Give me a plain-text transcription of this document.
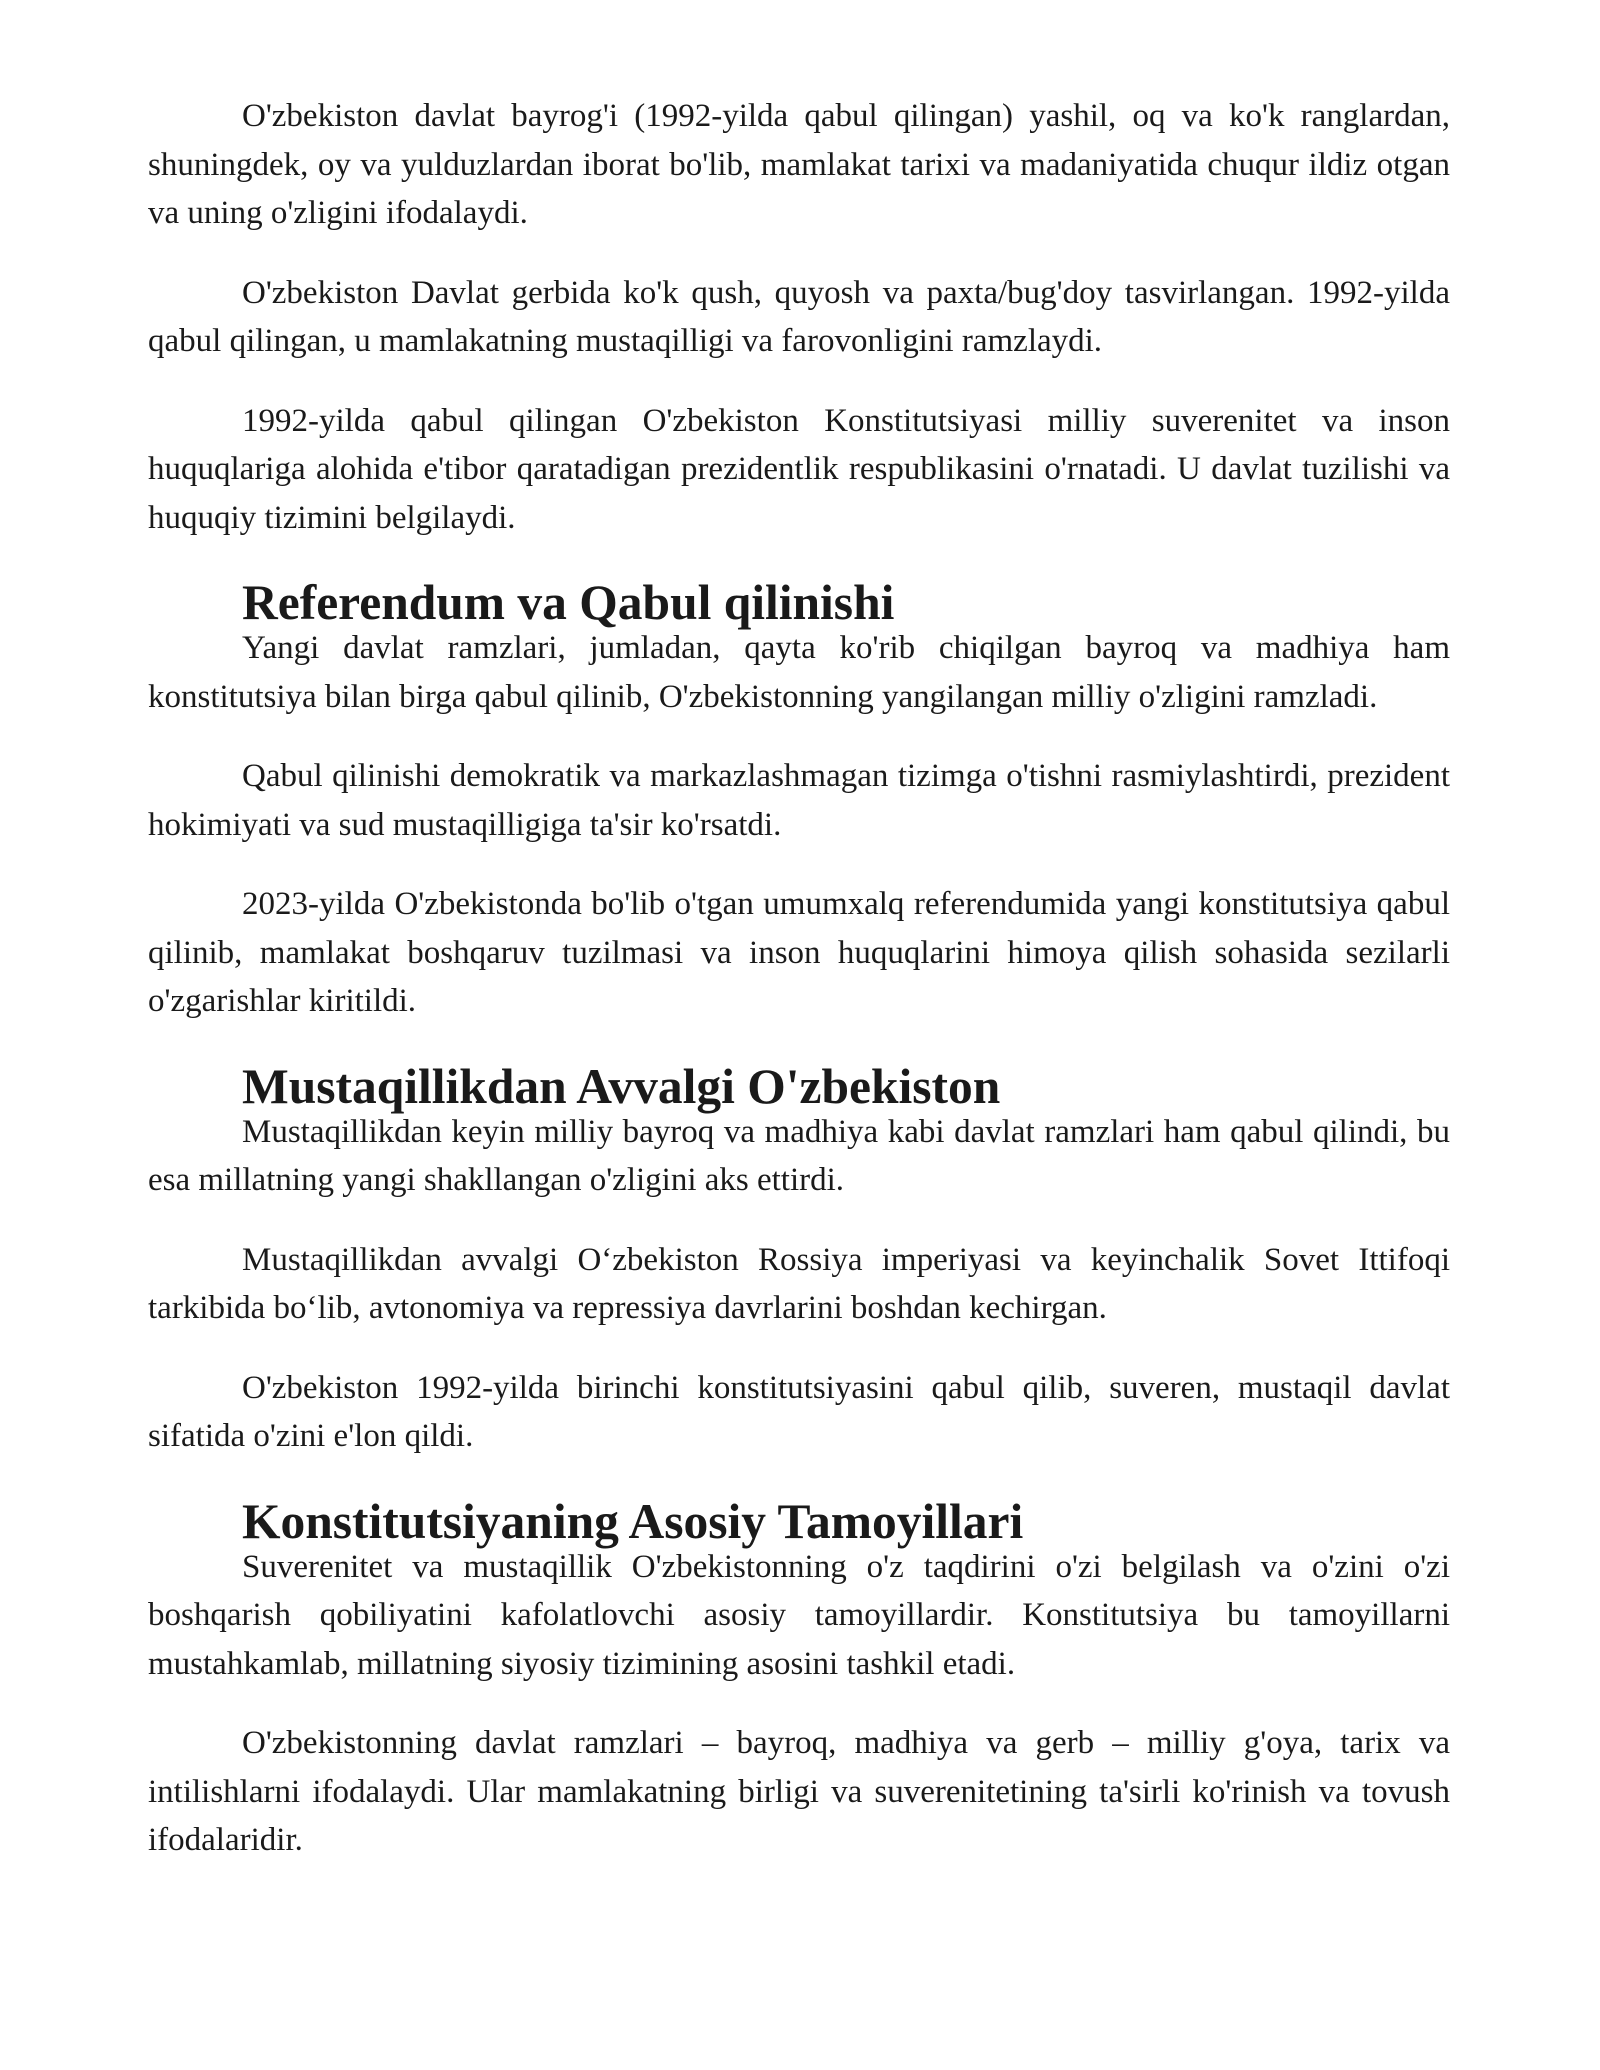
O'zbekiston davlat bayrog'i (1992-yilda qabul qilingan) yashil, oq va ko'k ranglardan, shuningdek, oy va yulduzlardan iborat bo'lib, mamlakat tarixi va madaniyatida chuqur ildiz otgan va uning o'zligini ifodalaydi.

O'zbekiston Davlat gerbida ko'k qush, quyosh va paxta/bug'doy tasvirlangan. 1992-yilda qabul qilingan, u mamlakatning mustaqilligi va farovonligini ramzlaydi.

1992-yilda qabul qilingan O'zbekiston Konstitutsiyasi milliy suverenitet va inson huquqlariga alohida e'tibor qaratadigan prezidentlik respublikasini o'rnatadi. U davlat tuzilishi va huquqiy tizimini belgilaydi.

Referendum va Qabul qilinishi

Yangi davlat ramzlari, jumladan, qayta ko'rib chiqilgan bayroq va madhiya ham konstitutsiya bilan birga qabul qilinib, O'zbekistonning yangilangan milliy o'zligini ramzladi.

Qabul qilinishi demokratik va markazlashmagan tizimga o'tishni rasmiylashtirdi, prezident hokimiyati va sud mustaqilligiga ta'sir ko'rsatdi.

2023-yilda O'zbekistonda bo'lib o'tgan umumxalq referendumida yangi konstitutsiya qabul qilinib, mamlakat boshqaruv tuzilmasi va inson huquqlarini himoya qilish sohasida sezilarli o'zgarishlar kiritildi.

Mustaqillikdan Avvalgi O'zbekiston

Mustaqillikdan keyin milliy bayroq va madhiya kabi davlat ramzlari ham qabul qilindi, bu esa millatning yangi shakllangan o'zligini aks ettirdi.

Mustaqillikdan avvalgi O‘zbekiston Rossiya imperiyasi va keyinchalik Sovet Ittifoqi tarkibida bo‘lib, avtonomiya va repressiya davrlarini boshdan kechirgan.

O'zbekiston 1992-yilda birinchi konstitutsiyasini qabul qilib, suveren, mustaqil davlat sifatida o'zini e'lon qildi.

Konstitutsiyaning Asosiy Tamoyillari

Suverenitet va mustaqillik O'zbekistonning o'z taqdirini o'zi belgilash va o'zini o'zi boshqarish qobiliyatini kafolatlovchi asosiy tamoyillardir. Konstitutsiya bu tamoyillarni mustahkamlab, millatning siyosiy tizimining asosini tashkil etadi.

O'zbekistonning davlat ramzlari – bayroq, madhiya va gerb – milliy g'oya, tarix va intilishlarni ifodalaydi. Ular mamlakatning birligi va suverenitetining ta'sirli ko'rinish va tovush ifodalaridir.
